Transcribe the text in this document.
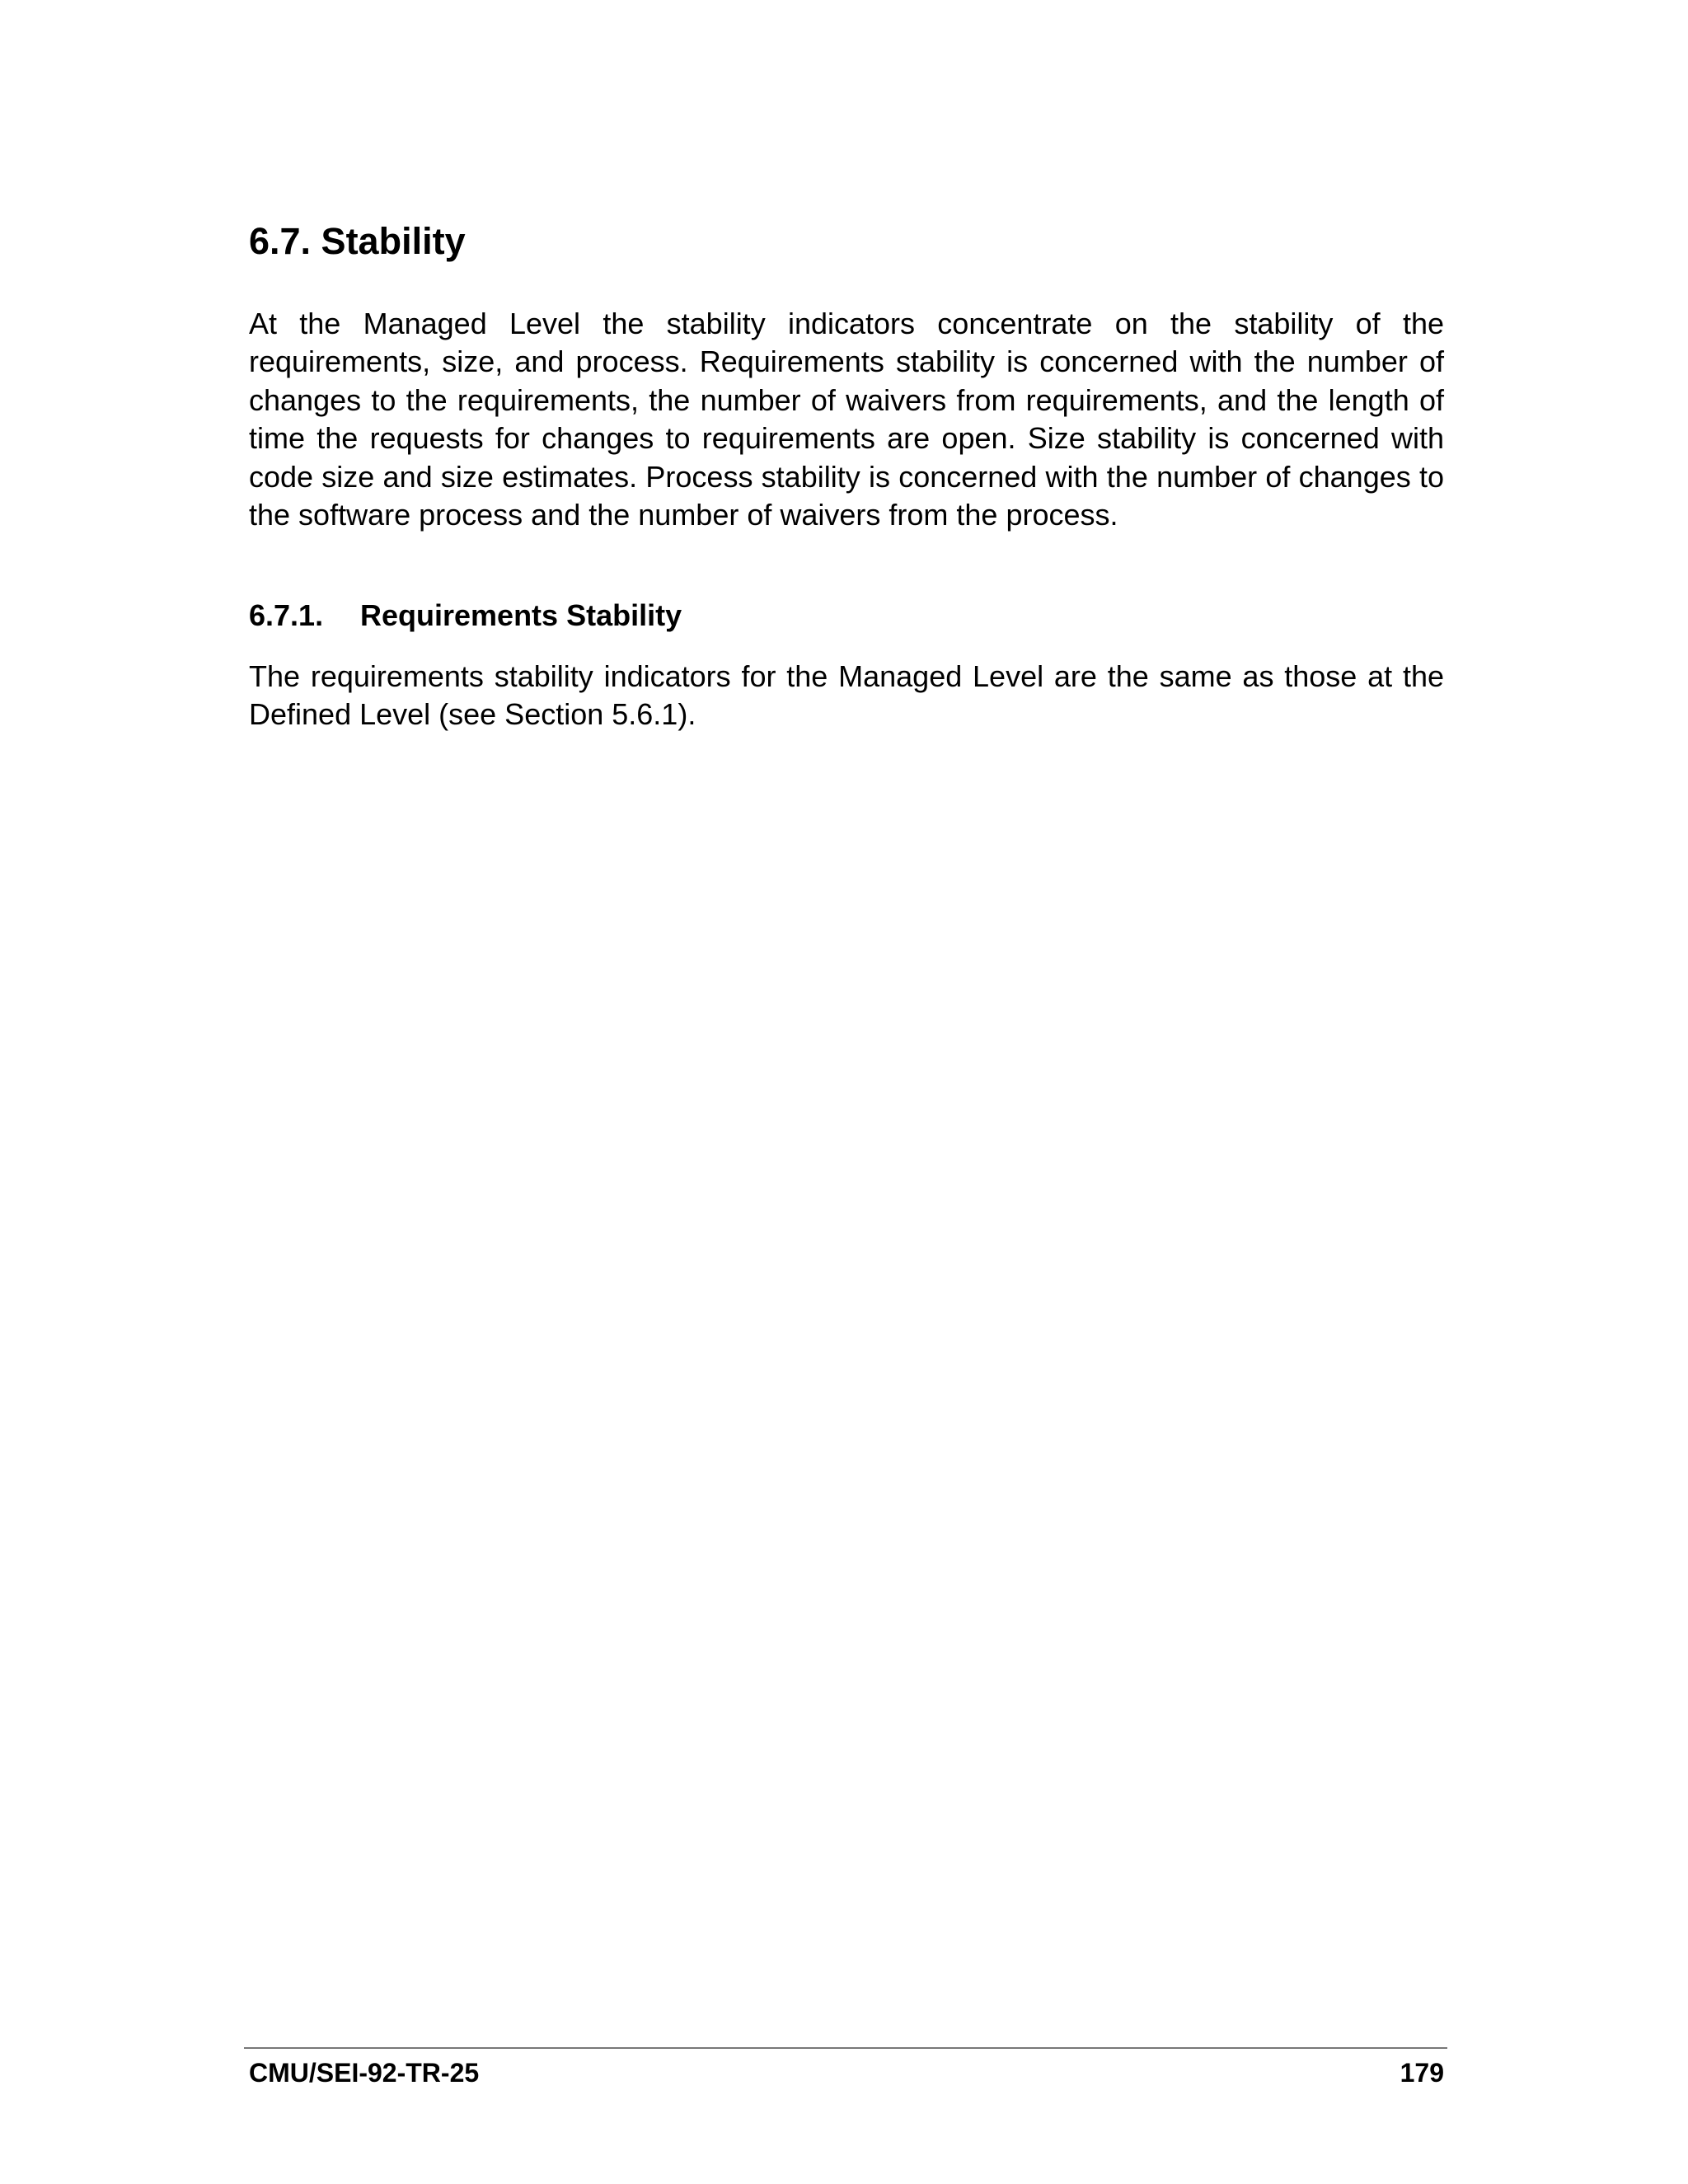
6.7. Stability

At the Managed Level the stability indicators concentrate on the stability of the requirements, size, and process. Requirements stability is concerned with the number of changes to the requirements, the number of waivers from requirements, and the length of time the requests for changes to requirements are open. Size stability is concerned with code size and size estimates. Process stability is concerned with the number of changes to the software process and the number of waivers from the process.

6.7.1.	Requirements Stability

The requirements stability indicators for the Managed Level are the same as those at the Defined Level (see Section 5.6.1).

CMU/SEI-92-TR-25	179
